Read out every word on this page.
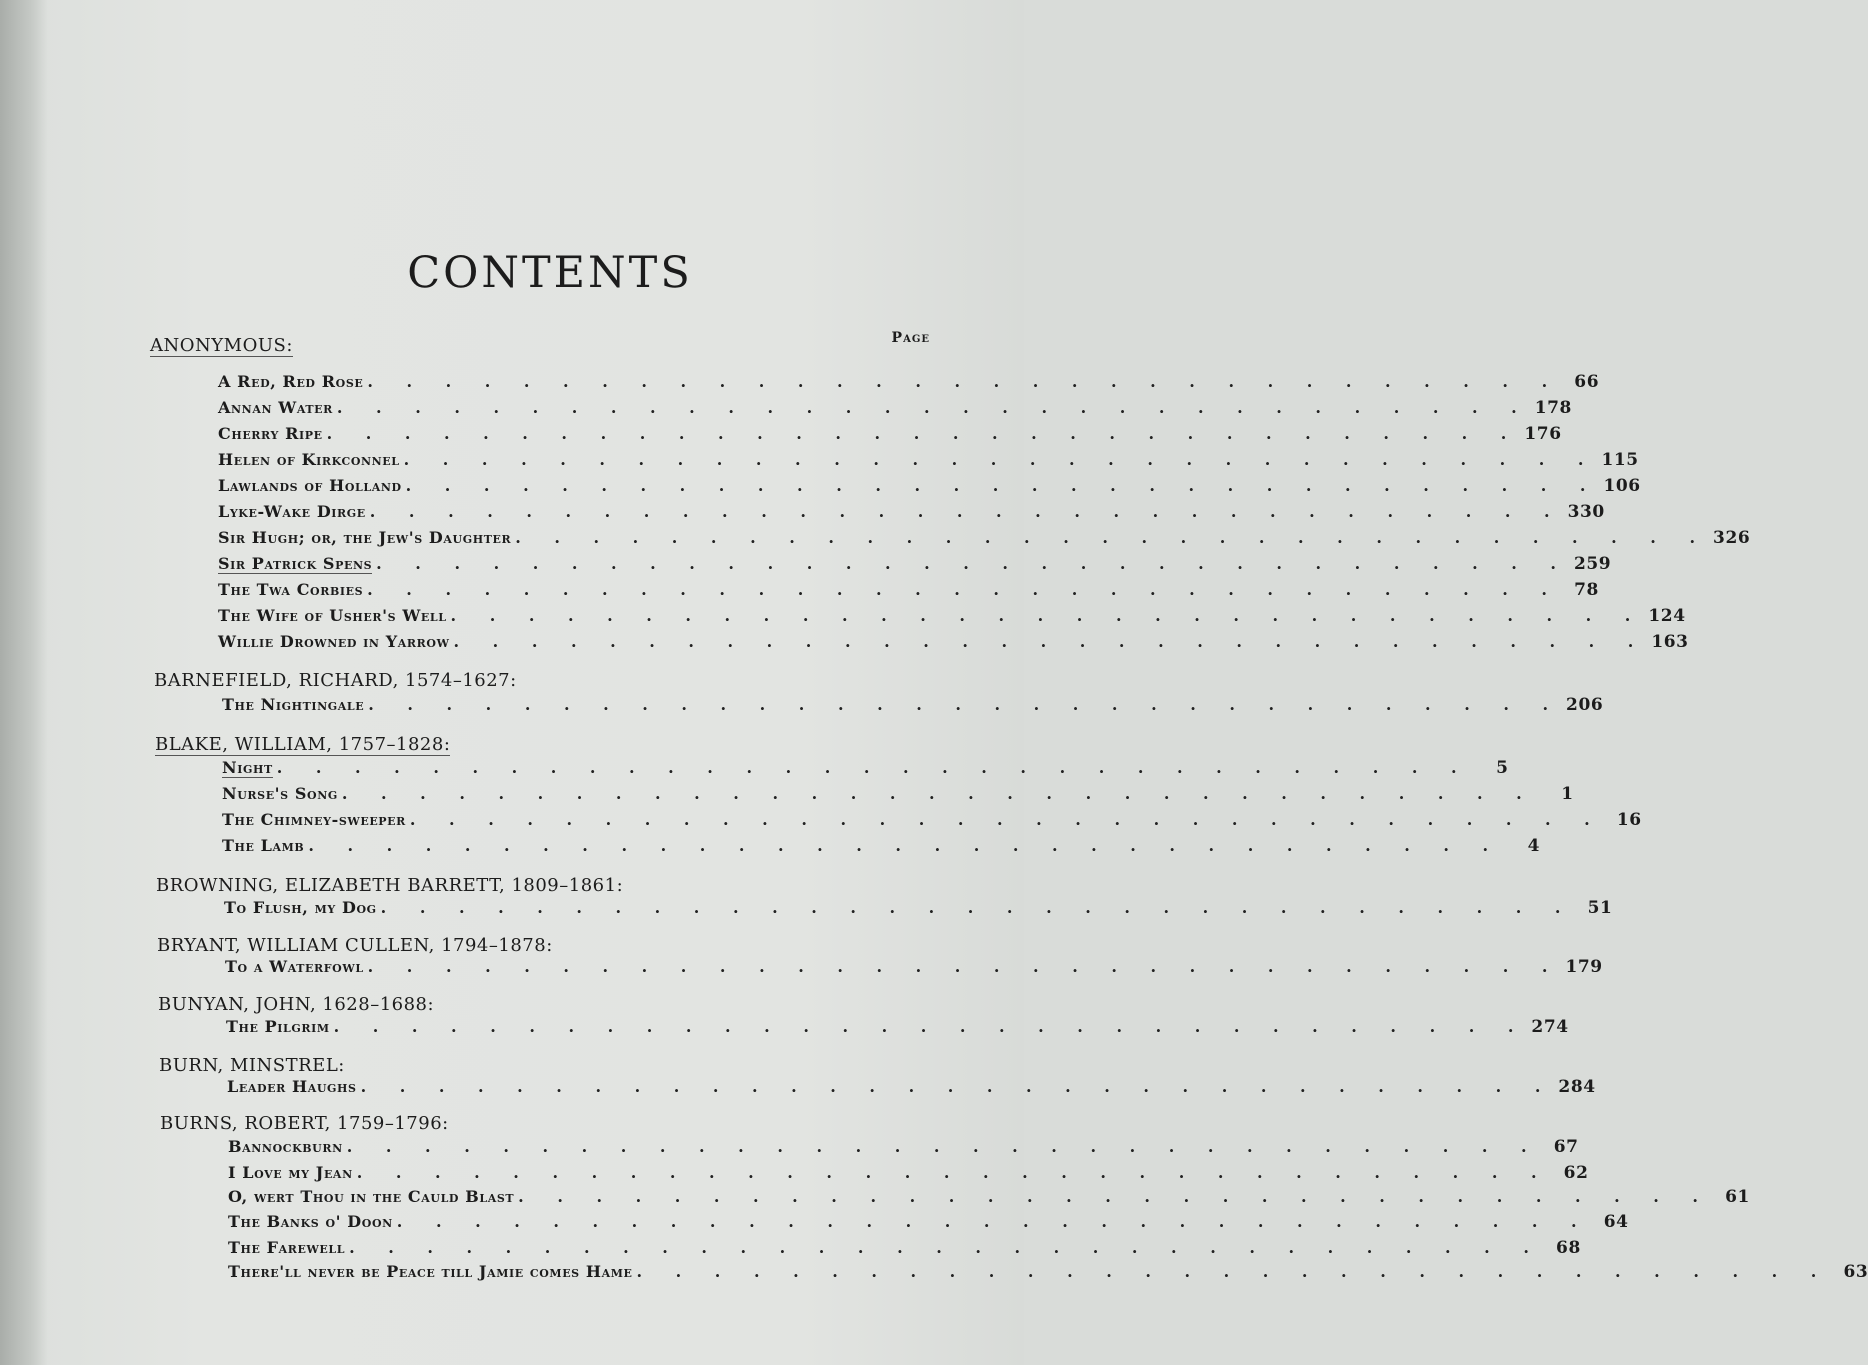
CONTENTS
Page
ANONYMOUS:
A Red, Red Rose . . . . . . . . . . . . . . . . . . . . . . . . . . . . . . . 66
Annan Water . . . . . . . . . . . . . . . . . . . . . . . . . . . . . . . 178
Cherry Ripe . . . . . . . . . . . . . . . . . . . . . . . . . . . . . . . 176
Helen of Kirkconnel . . . . . . . . . . . . . . . . . . . . . . . . . . . . . . . 115
Lawlands of Holland . . . . . . . . . . . . . . . . . . . . . . . . . . . . . . . 106
Lyke-Wake Dirge . . . . . . . . . . . . . . . . . . . . . . . . . . . . . . . 330
Sir Hugh; or, the Jew's Daughter . . . . . . . . . . . . . . . . . . . . . . . . . . . . . . . 326
Sir Patrick Spens . . . . . . . . . . . . . . . . . . . . . . . . . . . . . . . 259
The Twa Corbies . . . . . . . . . . . . . . . . . . . . . . . . . . . . . . . 78
The Wife of Usher's Well . . . . . . . . . . . . . . . . . . . . . . . . . . . . . . . 124
Willie Drowned in Yarrow . . . . . . . . . . . . . . . . . . . . . . . . . . . . . . . 163
BARNEFIELD, RICHARD, 1574–1627:
The Nightingale . . . . . . . . . . . . . . . . . . . . . . . . . . . . . . . 206
BLAKE, WILLIAM, 1757–1828:
Night . . . . . . . . . . . . . . . . . . . . . . . . . . . . . . .	5
Nurse's Song . . . . . . . . . . . . . . . . . . . . . . . . . . . . . . .	1
The Chimney-sweeper . . . . . . . . . . . . . . . . . . . . . . . . . . . . . . . 16
The Lamb . . . . . . . . . . . . . . . . . . . . . . . . . . . . . . .	4
BROWNING, ELIZABETH BARRETT, 1809–1861:
To Flush, my Dog . . . . . . . . . . . . . . . . . . . . . . . . . . . . . . . 51
BRYANT, WILLIAM CULLEN, 1794–1878:
To a Waterfowl . . . . . . . . . . . . . . . . . . . . . . . . . . . . . . . 179
BUNYAN, JOHN, 1628–1688:
The Pilgrim . . . . . . . . . . . . . . . . . . . . . . . . . . . . . . . 274
BURN, MINSTREL:
Leader Haughs . . . . . . . . . . . . . . . . . . . . . . . . . . . . . . . 284
BURNS, ROBERT, 1759–1796:
Bannockburn . . . . . . . . . . . . . . . . . . . . . . . . . . . . . . . 67
I Love my Jean . . . . . . . . . . . . . . . . . . . . . . . . . . . . . . . 62
O, wert Thou in the Cauld Blast . . . . . . . . . . . . . . . . . . . . . . . . . . . . . . . 61
The Banks o' Doon . . . . . . . . . . . . . . . . . . . . . . . . . . . . . . . 64
The Farewell . . . . . . . . . . . . . . . . . . . . . . . . . . . . . . . 68
There'll never be Peace till Jamie comes Hame . . . . . . . . . . . . . . . . . . . . . . . . . . . . . . . 63
